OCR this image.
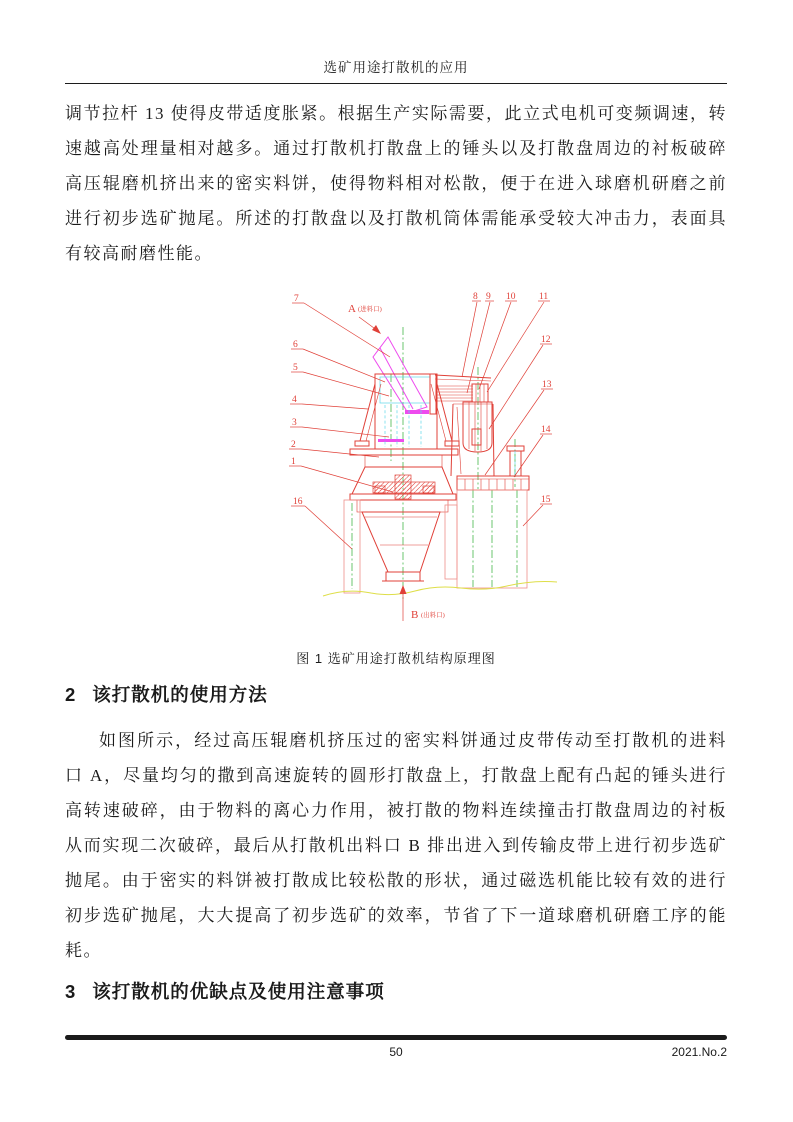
选矿用途打散机的应用

调节拉杆 13 使得皮带适度胀紧。根据生产实际需要，此立式电机可变频调速，转速越高处理量相对越多。通过打散机打散盘上的锤头以及打散盘周边的衬板破碎高压辊磨机挤出来的密实料饼，使得物料相对松散，便于在进入球磨机研磨之前进行初步选矿抛尾。所述的打散盘以及打散机筒体需能承受较大冲击力，表面具有较高耐磨性能。

A (进料口)
B (出料口)
7
6
5
4
3
2
1
16
8 9 10 11
12
13
14
15
图 1 选矿用途打散机结构原理图
2 该打散机的使用方法

如图所示，经过高压辊磨机挤压过的密实料饼通过皮带传动至打散机的进料口 A，尽量均匀的撒到高速旋转的圆形打散盘上，打散盘上配有凸起的锤头进行高转速破碎，由于物料的离心力作用，被打散的物料连续撞击打散盘周边的衬板从而实现二次破碎，最后从打散机出料口 B 排出进入到传输皮带上进行初步选矿抛尾。由于密实的料饼被打散成比较松散的形状，通过磁选机能比较有效的进行初步选矿抛尾，大大提高了初步选矿的效率，节省了下一道球磨机研磨工序的能耗。

3 该打散机的优缺点及使用注意事项
50	2021.No.2
